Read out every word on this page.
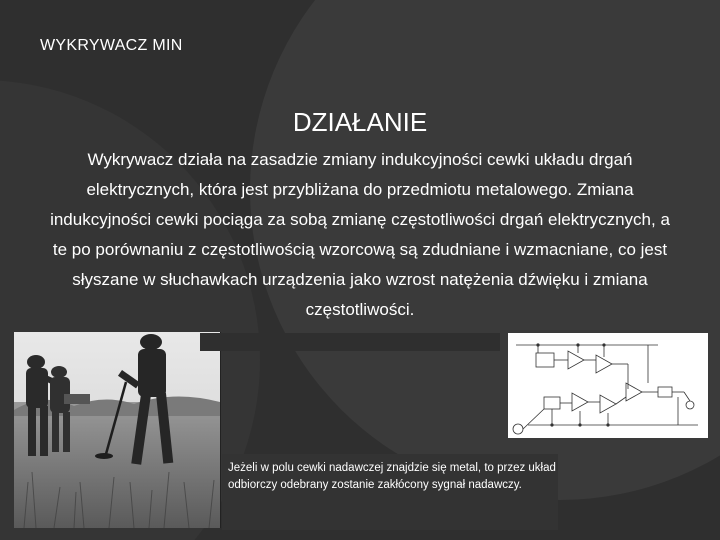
WYKRYWACZ MIN
DZIAŁANIE
Wykrywacz działa na zasadzie zmiany indukcyjności cewki układu drgań elektrycznych, która jest przybliżana do przedmiotu metalowego. Zmiana indukcyjności cewki pociąga za sobą zmianę częstotliwości drgań elektrycznych, a te po porównaniu z częstotliwością wzorcową są zdudniane i wzmacniane, co jest słyszane w słuchawkach urządzenia jako wzrost natężenia dźwięku i zmiana częstotliwości.
Jeżeli w polu cewki nadawczej znajdzie się metal, to przez układ odbiorczy odebrany zostanie zakłócony sygnał nadawczy.
